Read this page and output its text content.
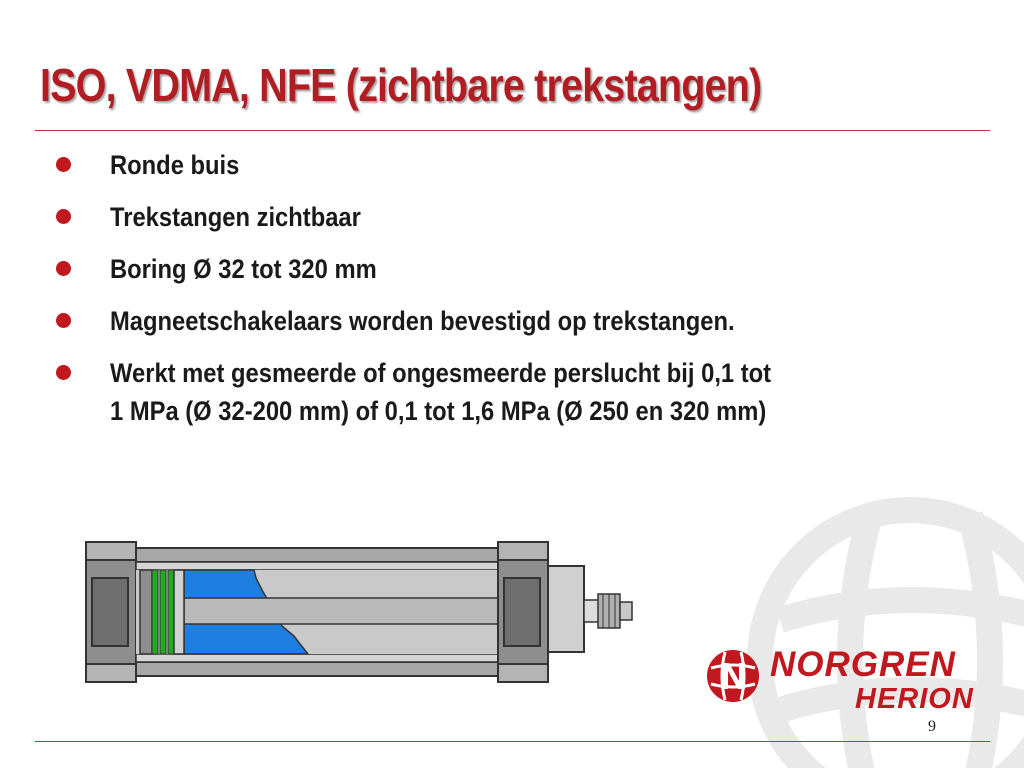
ISO, VDMA, NFE (zichtbare trekstangen)
Ronde buis
Trekstangen zichtbaar
Boring Ø 32 tot 320 mm
Magneetschakelaars worden bevestigd op trekstangen.
Werkt met gesmeerde of ongesmeerde perslucht bij 0,1 tot
1 MPa (Ø 32-200 mm) of 0,1 tot 1,6 MPa (Ø 250 en 320 mm)
NORGREN
HERION
9
